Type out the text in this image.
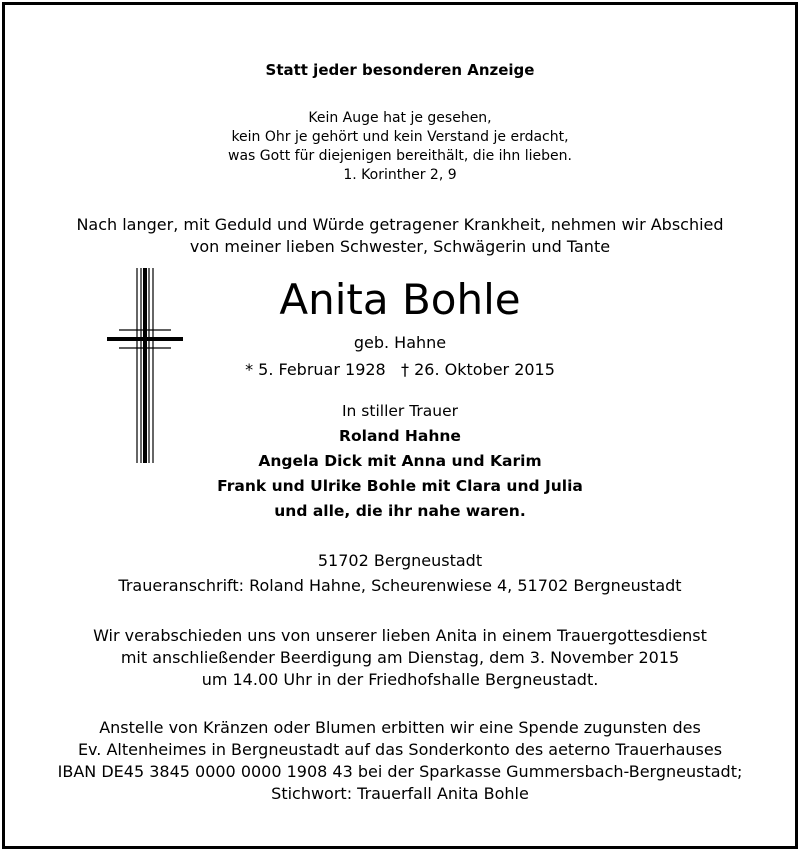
Statt jeder besonderen Anzeige
Kein Auge hat je gesehen,
kein Ohr je gehört und kein Verstand je erdacht,
was Gott für diejenigen bereithält, die ihn lieben.
1. Korinther 2, 9
Nach langer, mit Geduld und Würde getragener Krankheit, nehmen wir Abschied
von meiner lieben Schwester, Schwägerin und Tante
Anita Bohle
geb. Hahne
* 5. Februar 1928   † 26. Oktober 2015
In stiller Trauer
Roland Hahne
Angela Dick mit Anna und Karim
Frank und Ulrike Bohle mit Clara und Julia
und alle, die ihr nahe waren.
51702 Bergneustadt
Traueranschrift: Roland Hahne, Scheurenwiese 4, 51702 Bergneustadt
Wir verabschieden uns von unserer lieben Anita in einem Trauergottesdienst
mit anschließender Beerdigung am Dienstag, dem 3. November 2015
um 14.00 Uhr in der Friedhofshalle Bergneustadt.
Anstelle von Kränzen oder Blumen erbitten wir eine Spende zugunsten des
Ev. Altenheimes in Bergneustadt auf das Sonderkonto des aeterno Trauerhauses
IBAN DE45 3845 0000 0000 1908 43 bei der Sparkasse Gummersbach-Bergneustadt;
Stichwort: Trauerfall Anita Bohle
